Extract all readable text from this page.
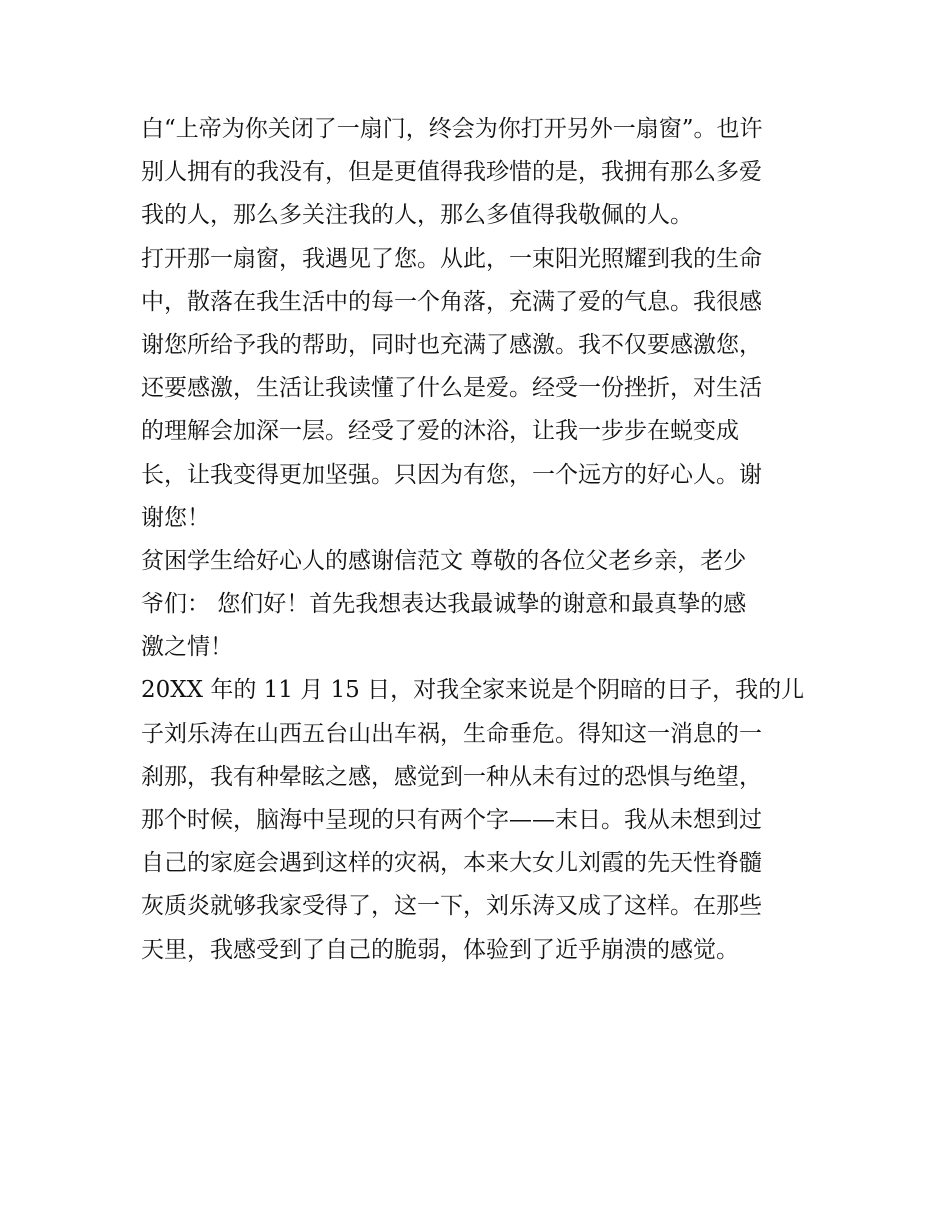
白“上帝为你关闭了一扇门，终会为你打开另外一扇窗”。也许
别人拥有的我没有，但是更值得我珍惜的是，我拥有那么多爱
我的人，那么多关注我的人，那么多值得我敬佩的人。

打开那一扇窗，我遇见了您。从此，一束阳光照耀到我的生命
中，散落在我生活中的每一个角落，充满了爱的气息。我很感
谢您所给予我的帮助，同时也充满了感激。我不仅要感激您，
还要感激，生活让我读懂了什么是爱。经受一份挫折，对生活
的理解会加深一层。经受了爱的沐浴，让我一步步在蜕变成
长，让我变得更加坚强。只因为有您，一个远方的好心人。谢
谢您！

贫困学生给好心人的感谢信范文 尊敬的各位父老乡亲，老少
爷们： 您们好！首先我想表达我最诚挚的谢意和最真挚的感
激之情！

20XX 年的 11 月 15 日，对我全家来说是个阴暗的日子，我的儿
子刘乐涛在山西五台山出车祸，生命垂危。得知这一消息的一
刹那，我有种晕眩之感，感觉到一种从未有过的恐惧与绝望，
那个时候，脑海中呈现的只有两个字——末日。我从未想到过
自己的家庭会遇到这样的灾祸，本来大女儿刘霞的先天性脊髓
灰质炎就够我家受得了，这一下，刘乐涛又成了这样。在那些
天里，我感受到了自己的脆弱，体验到了近乎崩溃的感觉。
